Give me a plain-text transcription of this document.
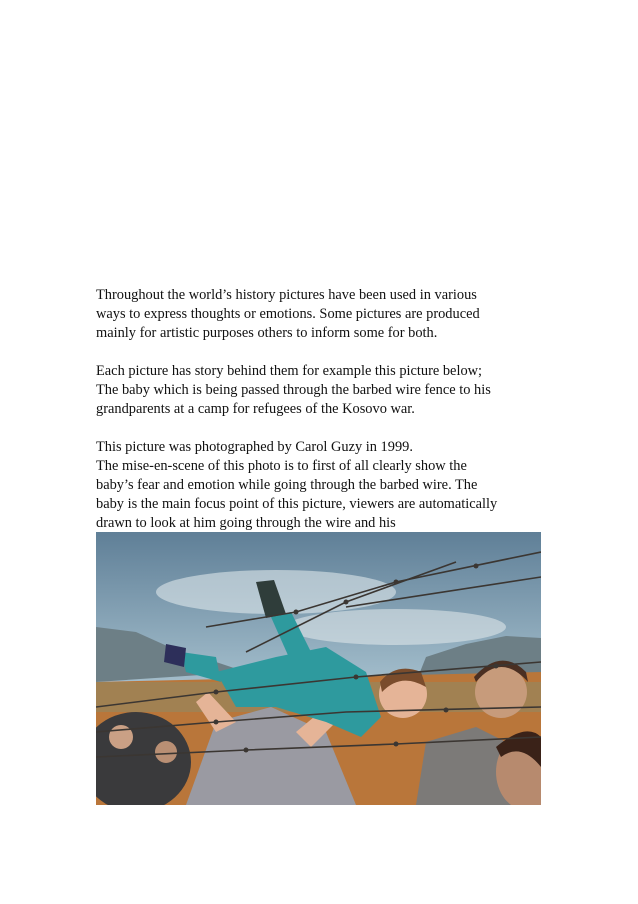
Throughout the world’s history pictures have been used in various
ways to express thoughts or emotions. Some pictures are produced
mainly for artistic purposes others to inform some for both.

Each picture has story behind them for example this picture below;
The baby which is being passed through the barbed wire fence to his
grandparents at a camp for refugees of the Kosovo war.

This picture was photographed by Carol Guzy in 1999.
The mise-en-scene of this photo is to first of all clearly show the
baby’s fear and emotion while going through the barbed wire. The
baby is the main focus point of this picture, viewers are automatically
drawn to look at him going through the wire and his
